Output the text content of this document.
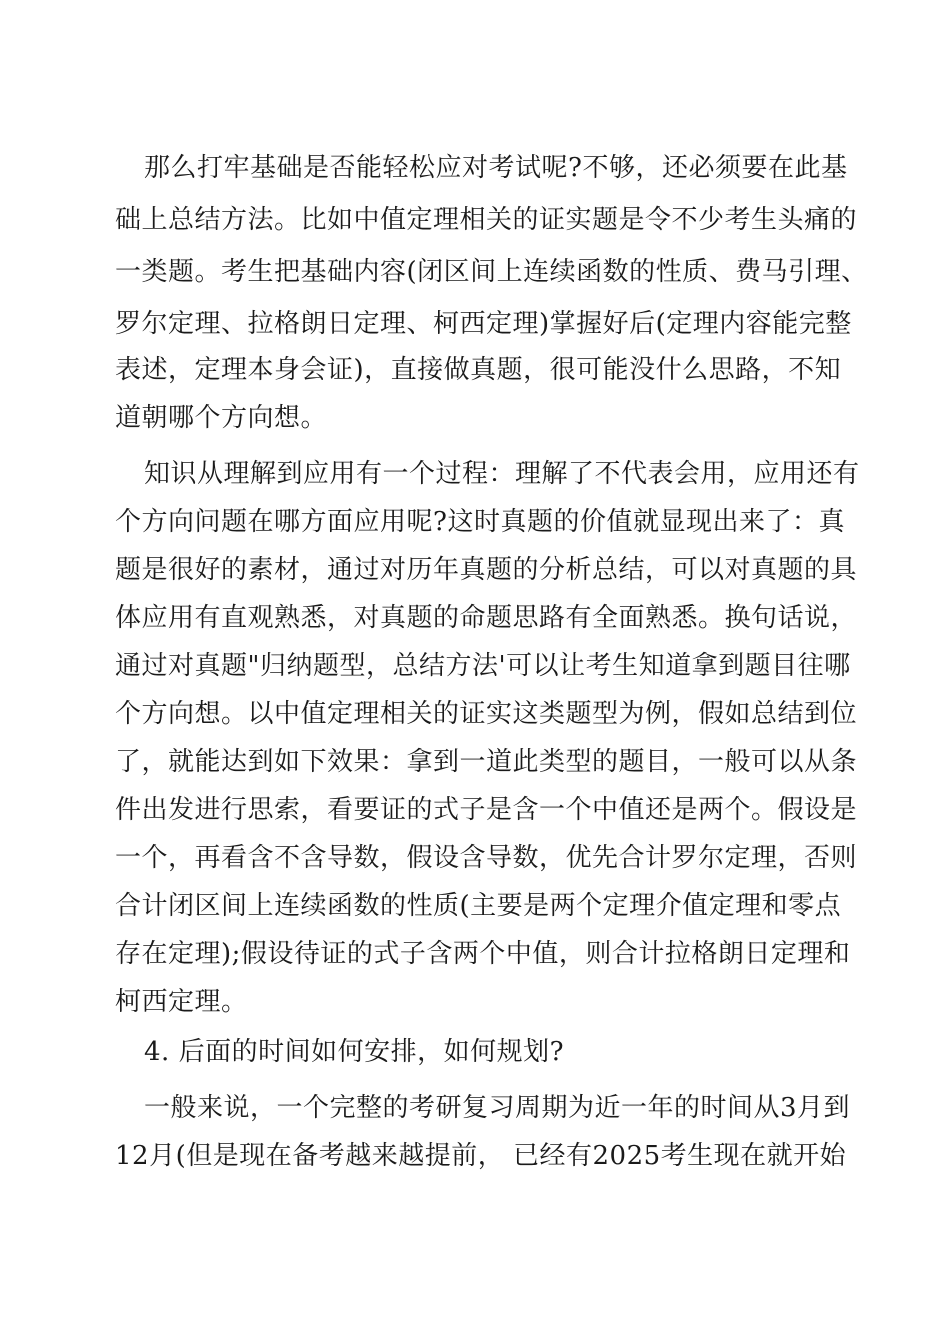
那么打牢基础是否能轻松应对考试呢?不够，还必须要在此基
础上总结方法。比如中值定理相关的证实题是令不少考生头痛的
一类题。考生把基础内容(闭区间上连续函数的性质、费马引理、
罗尔定理、拉格朗日定理、柯西定理)掌握好后(定理内容能完整
表述，定理本身会证)，直接做真题，很可能没什么思路，不知
道朝哪个方向想。
知识从理解到应用有一个过程：理解了不代表会用，应用还有
个方向问题在哪方面应用呢?这时真题的价值就显现出来了：真
题是很好的素材，通过对历年真题的分析总结，可以对真题的具
体应用有直观熟悉，对真题的命题思路有全面熟悉。换句话说，
通过对真题"归纳题型，总结方法'可以让考生知道拿到题目往哪
个方向想。以中值定理相关的证实这类题型为例，假如总结到位
了，就能达到如下效果：拿到一道此类型的题目，一般可以从条
件出发进行思索，看要证的式子是含一个中值还是两个。假设是
一个，再看含不含导数，假设含导数，优先合计罗尔定理，否则
合计闭区间上连续函数的性质(主要是两个定理介值定理和零点
存在定理);假设待证的式子含两个中值，则合计拉格朗日定理和
柯西定理。
4. 后面的时间如何安排，如何规划?
一般来说，一个完整的考研复习周期为近一年的时间从3月到
12月(但是现在备考越来越提前， 已经有2025考生现在就开始
